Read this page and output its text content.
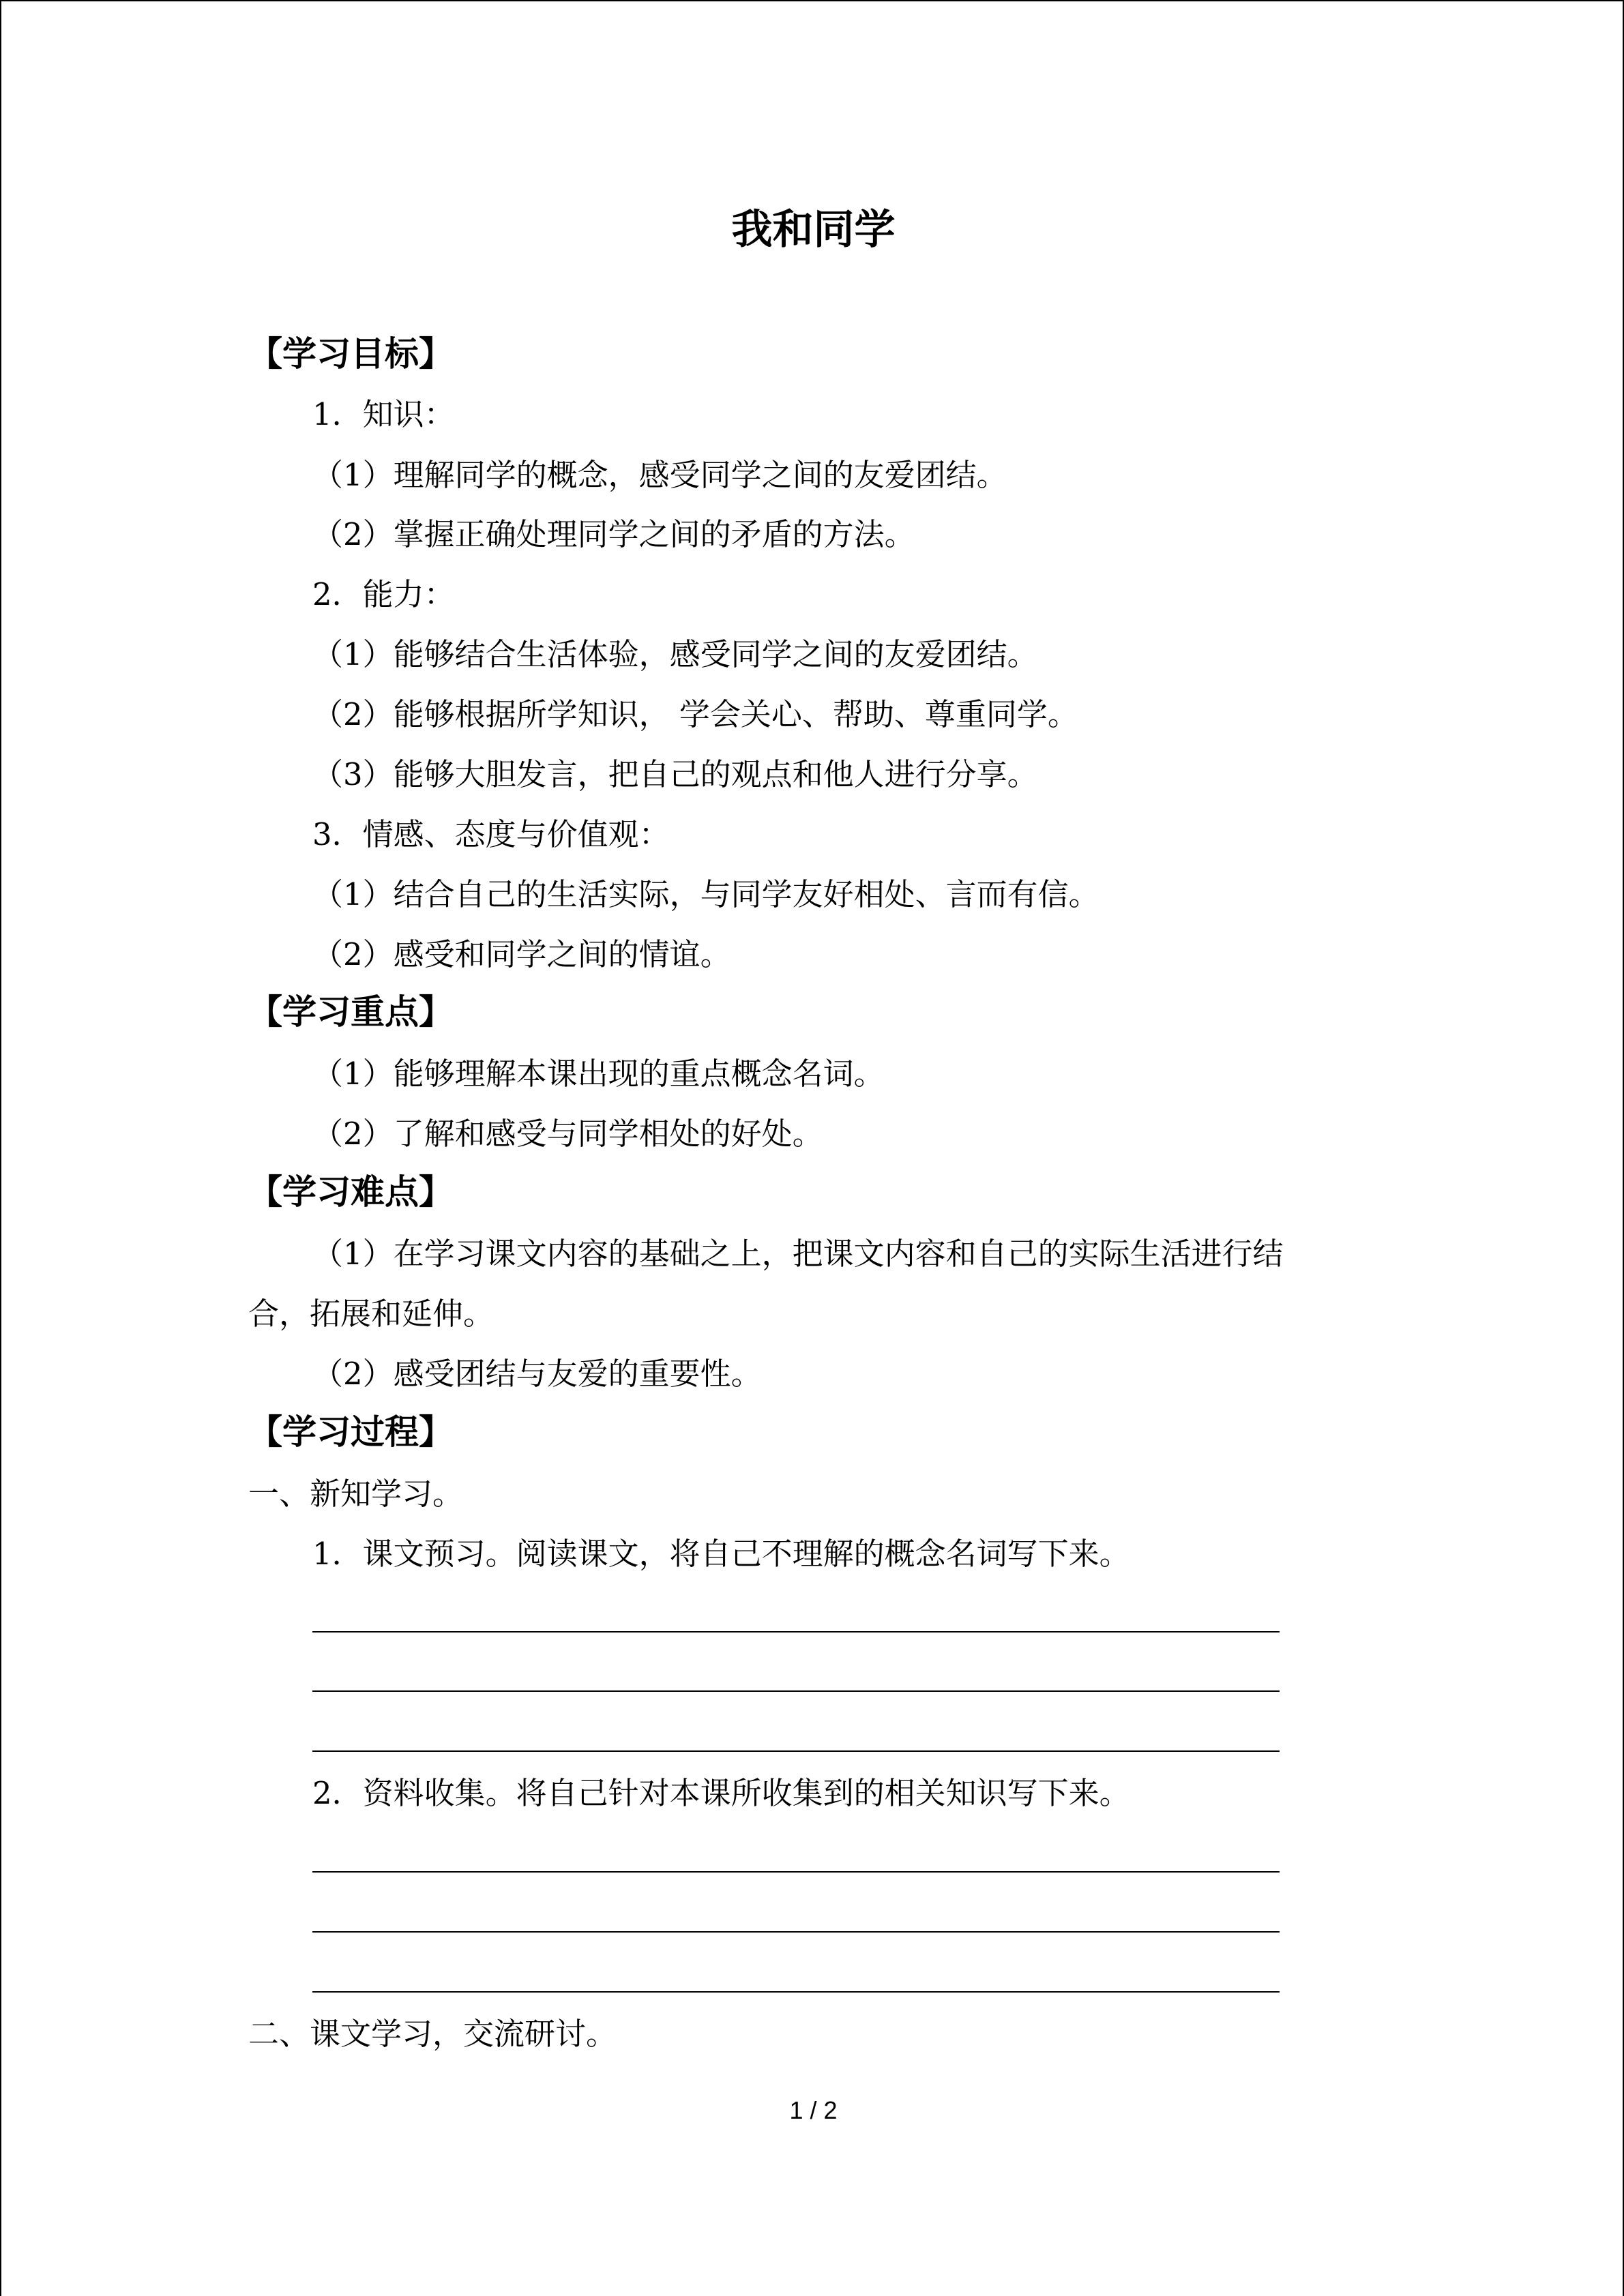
我和同学
【学习目标】
1．知识：
（1）理解同学的概念，感受同学之间的友爱团结。
（2）掌握正确处理同学之间的矛盾的方法。
2．能力：
（1）能够结合生活体验，感受同学之间的友爱团结。
（2）能够根据所学知识， 学会关心、帮助、尊重同学。
（3）能够大胆发言，把自己的观点和他人进行分享。
3．情感、态度与价值观：
（1）结合自己的生活实际，与同学友好相处、言而有信。
（2）感受和同学之间的情谊。
【学习重点】
（1）能够理解本课出现的重点概念名词。
（2）了解和感受与同学相处的好处。
【学习难点】
（1）在学习课文内容的基础之上，把课文内容和自己的实际生活进行结
合，拓展和延伸。
（2）感受团结与友爱的重要性。
【学习过程】
一、新知学习。
1．课文预习。阅读课文，将自己不理解的概念名词写下来。
2．资料收集。将自己针对本课所收集到的相关知识写下来。
二、课文学习，交流研讨。
1 / 2
